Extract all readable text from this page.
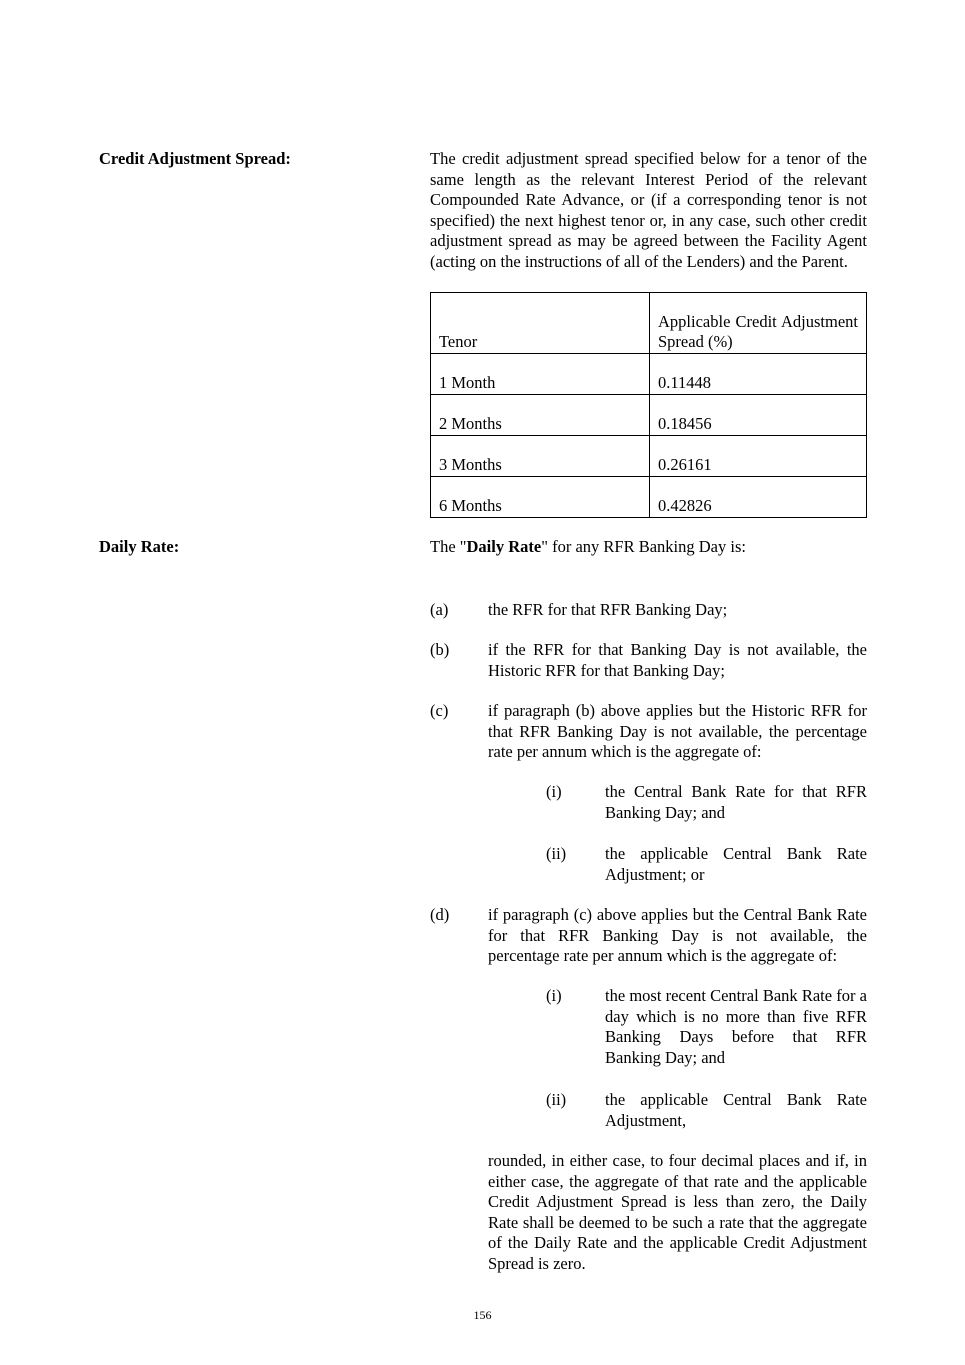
Credit Adjustment Spread:	The credit adjustment spread specified below for a tenor of the same length as the relevant Interest Period of the relevant Compounded Rate Advance, or (if a corresponding tenor is not specified) the next highest tenor or, in any case, such other credit adjustment spread as may be agreed between the Facility Agent (acting on the instructions of all of the Lenders) and the Parent.
Tenor	Applicable Credit Adjustment Spread (%)
1 Month	0.11448
2 Months	0.18456
3 Months	0.26161
6 Months	0.42826
Daily Rate:	The "Daily Rate" for any RFR Banking Day is:
(a) the RFR for that RFR Banking Day;
(b) if the RFR for that Banking Day is not available, the Historic RFR for that Banking Day;
(c) if paragraph (b) above applies but the Historic RFR for that RFR Banking Day is not available, the percentage rate per annum which is the aggregate of:
(i)	the Central Bank Rate for that RFR Banking Day; and
(ii) the applicable Central Bank Rate Adjustment; or
(d) if paragraph (c) above applies but the Central Bank Rate for that RFR Banking Day is not available, the percentage rate per annum which is the aggregate of:
(i)	the most recent Central Bank Rate for a day which is no more than five RFR Banking Days before that RFR Banking Day; and
(ii) the applicable Central Bank Rate Adjustment,
rounded, in either case, to four decimal places and if, in either case, the aggregate of that rate and the applicable Credit Adjustment Spread is less than zero, the Daily Rate shall be deemed to be such a rate that the aggregate of the Daily Rate and the applicable Credit Adjustment Spread is zero.
156
